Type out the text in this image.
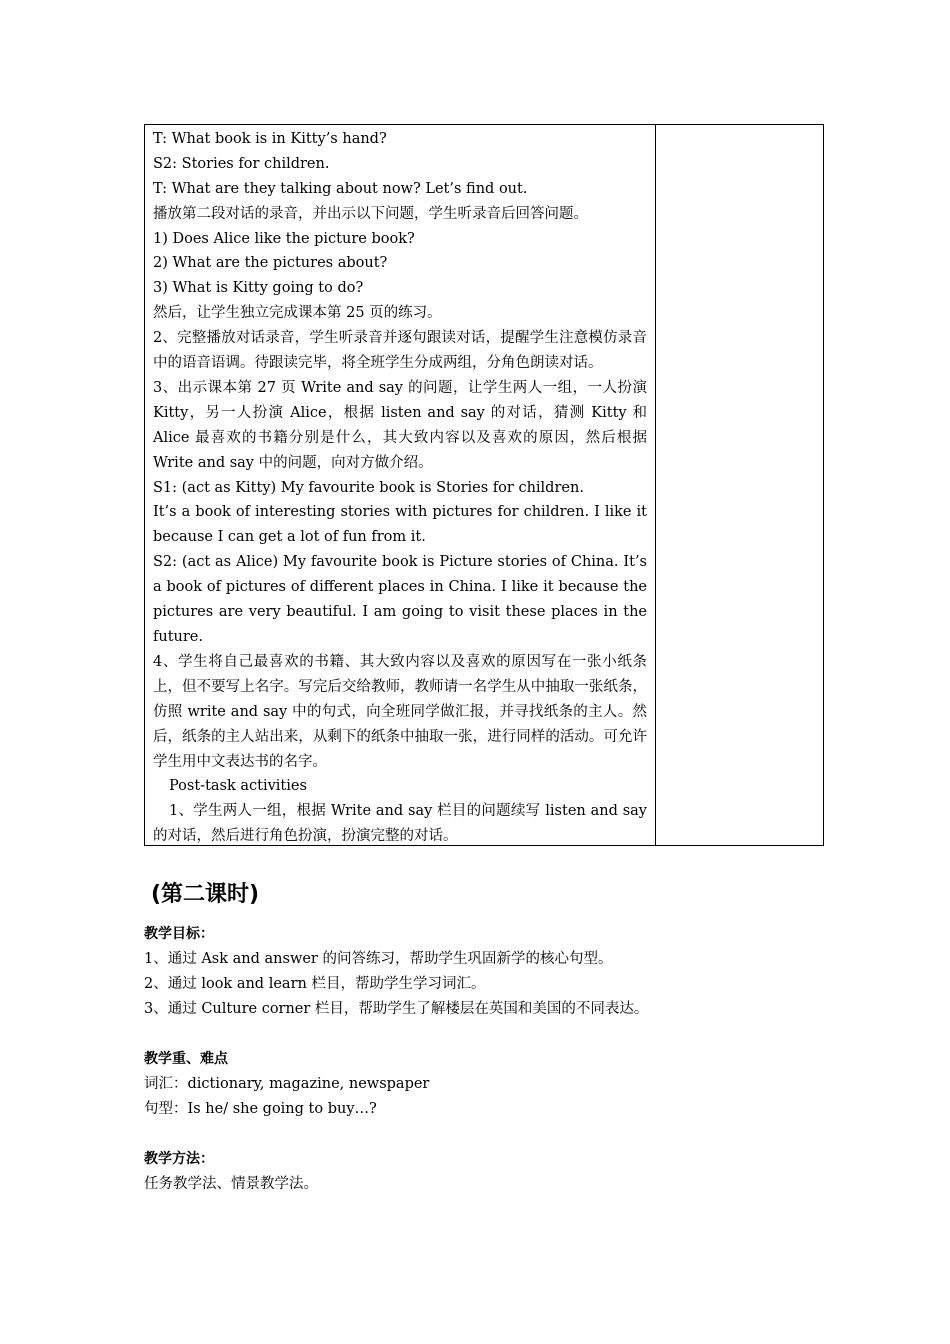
T: What book is in Kitty’s hand?
S2: Stories for children.
T: What are they talking about now? Let’s find out.
播放第二段对话的录音，并出示以下问题，学生听录音后回答问题。
1) Does Alice like the picture book?
2) What are the pictures about?
3) What is Kitty going to do?
然后，让学生独立完成课本第 25 页的练习。

2、完整播放对话录音，学生听录音并逐句跟读对话，提醒学生注意模仿录音中的语音语调。待跟读完毕，将全班学生分成两组，分角色朗读对话。

3、出示课本第 27 页 Write and say 的问题，让学生两人一组，一人扮演 Kitty，另一人扮演 Alice，根据 listen and say 的对话，猜测 Kitty 和 Alice 最喜欢的书籍分别是什么，其大致内容以及喜欢的原因，然后根据 Write and say 中的问题，向对方做介绍。

S1: (act as Kitty) My favourite book is Stories for children.

It’s a book of interesting stories with pictures for children. I like it because I can get a lot of fun from it.

S2: (act as Alice) My favourite book is Picture stories of China. It’s a book of pictures of different places in China. I like it because the pictures are very beautiful. I am going to visit these places in the future.

4、学生将自己最喜欢的书籍、其大致内容以及喜欢的原因写在一张小纸条上，但不要写上名字。写完后交给教师，教师请一名学生从中抽取一张纸条，仿照 write and say 中的句式，向全班同学做汇报，并寻找纸条的主人。然后，纸条的主人站出来，从剩下的纸条中抽取一张，进行同样的活动。可允许学生用中文表达书的名字。

Post-task activities

1、学生两人一组，根据 Write and say 栏目的问题续写 listen and say 的对话，然后进行角色扮演，扮演完整的对话。

(第二课时)
教学目标：
1、通过 Ask and answer 的问答练习，帮助学生巩固新学的核心句型。
2、通过 look and learn 栏目，帮助学生学习词汇。
3、通过 Culture corner 栏目，帮助学生了解楼层在英国和美国的不同表达。
教学重、难点
词汇：dictionary, magazine, newspaper
句型：Is he/ she going to buy…?
教学方法：
任务教学法、情景教学法。
